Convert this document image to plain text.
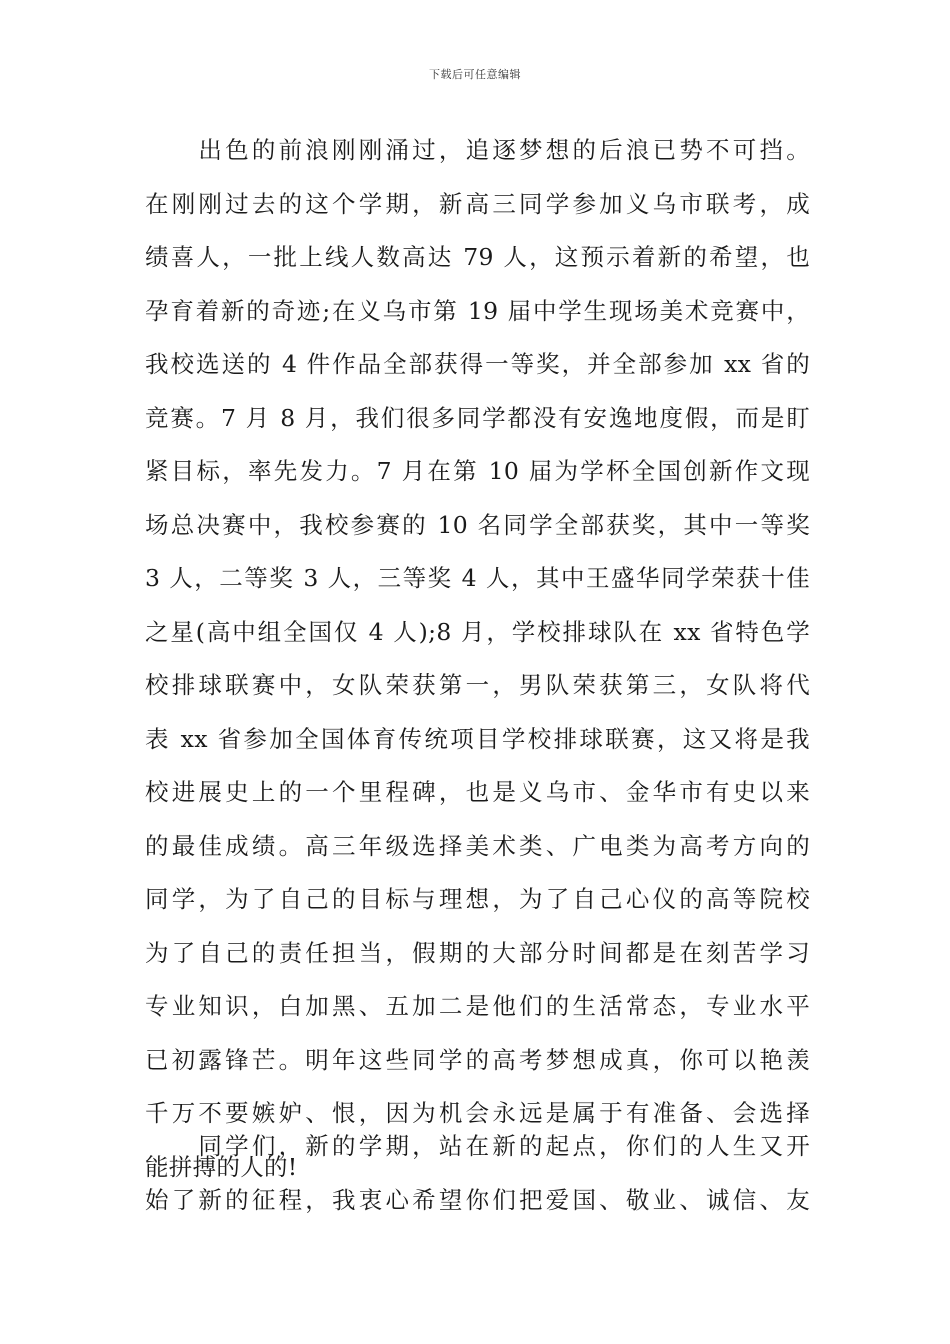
下载后可任意编辑
　　出色的前浪刚刚涌过，追逐梦想的后浪已势不可挡。
在刚刚过去的这个学期，新高三同学参加义乌市联考，成
绩喜人，一批上线人数高达 79 人，这预示着新的希望，也
孕育着新的奇迹;在义乌市第 19 届中学生现场美术竞赛中，
我校选送的 4 件作品全部获得一等奖，并全部参加 xx 省的
竞赛。7 月 8 月，我们很多同学都没有安逸地度假，而是盯
紧目标，率先发力。7 月在第 10 届为学杯全国创新作文现
场总决赛中，我校参赛的 10 名同学全部获奖，其中一等奖
3 人，二等奖 3 人，三等奖 4 人，其中王盛华同学荣获十佳
之星(高中组全国仅 4 人);8 月，学校排球队在 xx 省特色学
校排球联赛中，女队荣获第一，男队荣获第三，女队将代
表 xx 省参加全国体育传统项目学校排球联赛，这又将是我
校进展史上的一个里程碑，也是义乌市、金华市有史以来
的最佳成绩。高三年级选择美术类、广电类为高考方向的
同学，为了自己的目标与理想，为了自己心仪的高等院校
为了自己的责任担当，假期的大部分时间都是在刻苦学习
专业知识，白加黑、五加二是他们的生活常态，专业水平
已初露锋芒。明年这些同学的高考梦想成真，你可以艳羡
千万不要嫉妒、恨，因为机会永远是属于有准备、会选择
能拼搏的人的!
　　同学们，新的学期，站在新的起点，你们的人生又开
始了新的征程，我衷心希望你们把爱国、敬业、诚信、友
